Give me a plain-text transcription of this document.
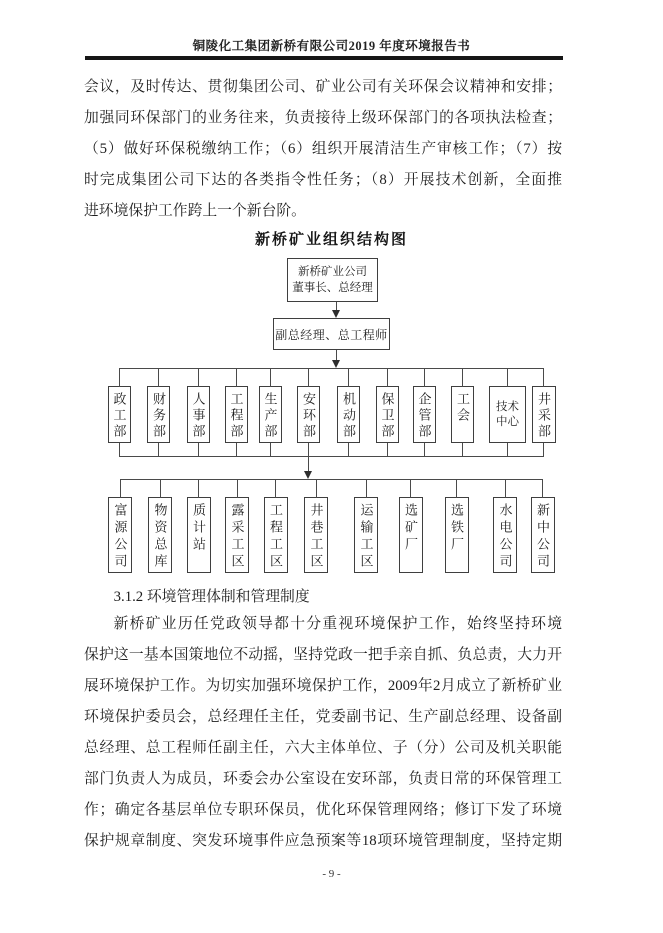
铜陵化工集团新桥有限公司2019 年度环境报告书
会议，及时传达、贯彻集团公司、矿业公司有关环保会议精神和安排；
加强同环保部门的业务往来，负责接待上级环保部门的各项执法检查；
（5）做好环保税缴纳工作；（6）组织开展清洁生产审核工作；（7）按
时完成集团公司下达的各类指令性任务；（8）开展技术创新，全面推
进环境保护工作跨上一个新台阶。
新桥矿业组织结构图
新桥矿业公司
董事长、总经理
副总经理、总工程师
政工部	财务部	人事部	工程部	生产部	安环部	机动部	保卫部	企管部	工会	技术中心	井采部
富源公司	物资总库	质计站	露采工区	工程工区	井巷工区	运输工区	选矿厂	选铁厂	水电公司	新中公司
3.1.2 环境管理体制和管理制度
新桥矿业历任党政领导都十分重视环境保护工作，始终坚持环境
保护这一基本国策地位不动摇，坚持党政一把手亲自抓、负总责，大力开
展环境保护工作。为切实加强环境保护工作，2009年2月成立了新桥矿业
环境保护委员会，总经理任主任，党委副书记、生产副总经理、设备副
总经理、总工程师任副主任，六大主体单位、子（分）公司及机关职能
部门负责人为成员，环委会办公室设在安环部，负责日常的环保管理工
作；确定各基层单位专职环保员，优化环保管理网络；修订下发了环境
保护规章制度、突发环境事件应急预案等18项环境管理制度，坚持定期
- 9 -
